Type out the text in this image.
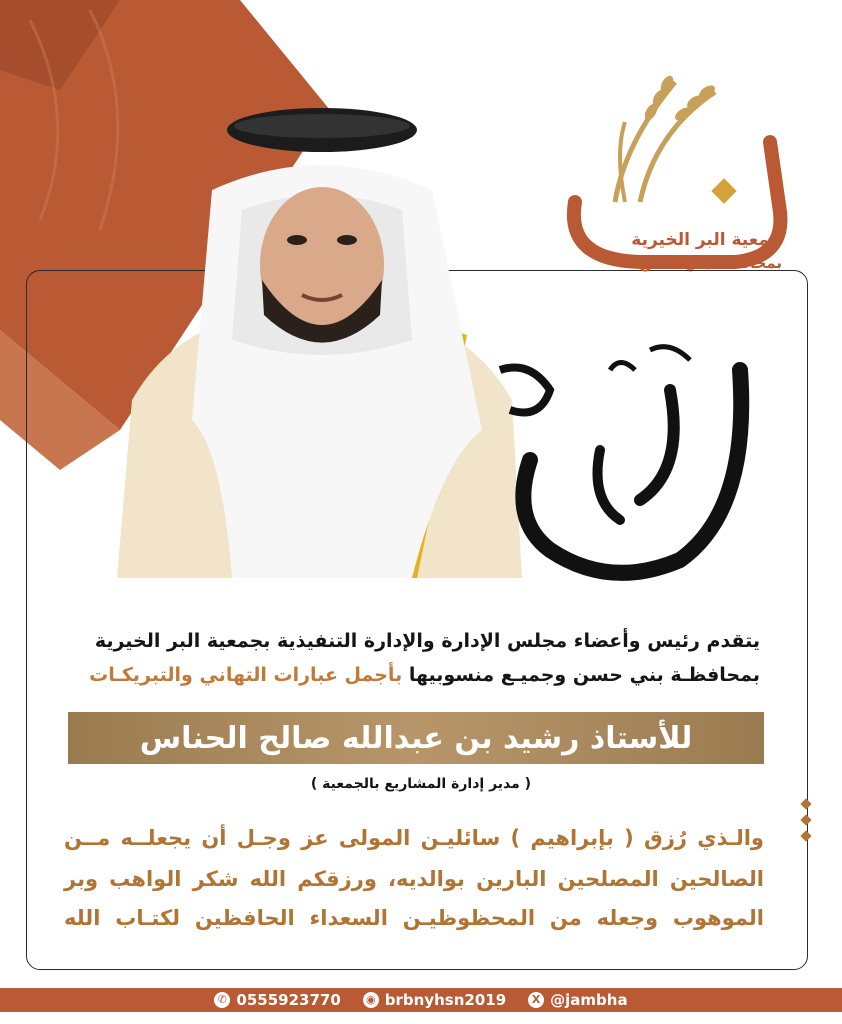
جمعية البر الخيرية
بمحافظة بني حسن
يتقدم رئيس وأعضاء مجلس الإدارة والإدارة التنفيذية بجمعية البر الخيرية
بمحافظـة بني حسن وجميـع منسوبيها بأجمل عبارات التهاني والتبريكـات
للأستاذ رشيد بن عبدالله صالح الحناس
( مدير إدارة المشاريع بالجمعية )
والـذي رُزق ( بإبراهيم ) سائليـن المولى عز وجـل أن يجعلــه مــن
الصالحين المصلحين البارين بوالديه، ورزقكم الله شكر الواهب وبر
الموهوب وجعله من المحظوظيـن السعداء الحافظين لكتـاب الله
✆ 0555923770 ◉ brbnyhsn2019	X @jambha
